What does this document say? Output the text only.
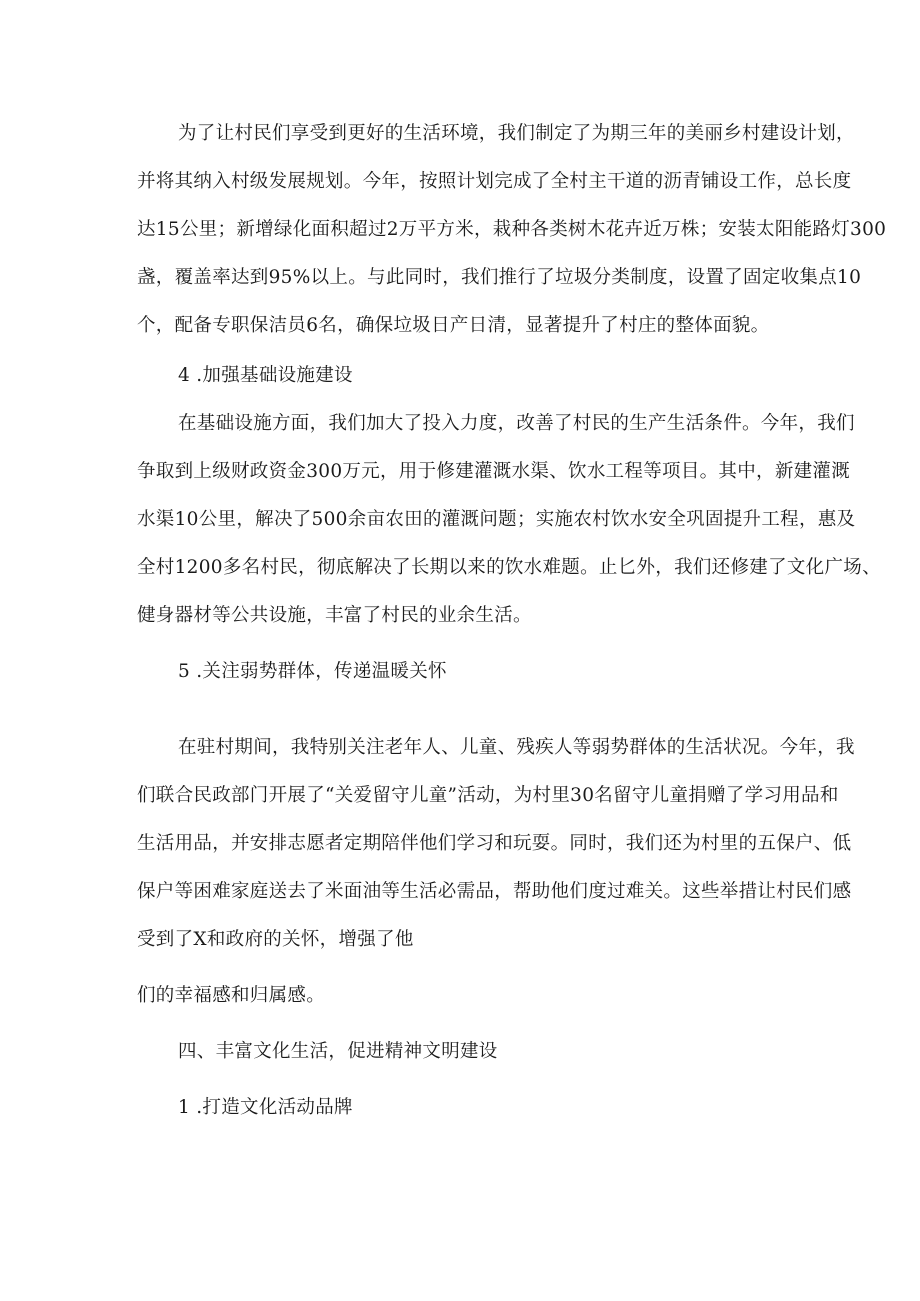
为了让村民们享受到更好的生活环境，我们制定了为期三年的美丽乡村建设计划，
并将其纳入村级发展规划。今年，按照计划完成了全村主干道的沥青铺设工作，总长度
达15公里；新增绿化面积超过2万平方米，栽种各类树木花卉近万株；安装太阳能路灯300
盏，覆盖率达到95%以上。与此同时，我们推行了垃圾分类制度，设置了固定收集点10
个，配备专职保洁员6名，确保垃圾日产日清，显著提升了村庄的整体面貌。
4 .加强基础设施建设
在基础设施方面，我们加大了投入力度，改善了村民的生产生活条件。今年，我们
争取到上级财政资金300万元，用于修建灌溉水渠、饮水工程等项目。其中，新建灌溉
水渠10公里，解决了500余亩农田的灌溉问题；实施农村饮水安全巩固提升工程，惠及
全村1200多名村民，彻底解决了长期以来的饮水难题。止匕外，我们还修建了文化广场、
健身器材等公共设施，丰富了村民的业余生活。
5 .关注弱势群体，传递温暖关怀
在驻村期间，我特别关注老年人、儿童、残疾人等弱势群体的生活状况。今年，我
们联合民政部门开展了“关爱留守儿童”活动，为村里30名留守儿童捐赠了学习用品和
生活用品，并安排志愿者定期陪伴他们学习和玩耍。同时，我们还为村里的五保户、低
保户等困难家庭送去了米面油等生活必需品，帮助他们度过难关。这些举措让村民们感
受到了X和政府的关怀，增强了他
们的幸福感和归属感。
四、丰富文化生活，促进精神文明建设
1 .打造文化活动品牌
